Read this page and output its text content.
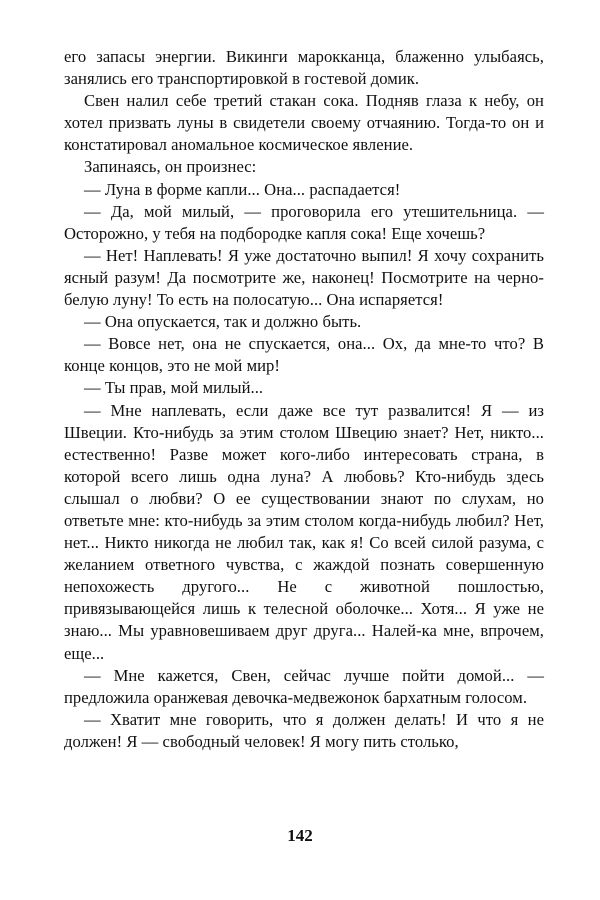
его запасы энергии. Викинги марокканца, блаженно улыбаясь, занялись его транспортировкой в гостевой домик.

Свен налил себе третий стакан сока. Подняв глаза к небу, он хотел призвать луны в свидетели своему отчаянию. Тогда-то он и констатировал аномальное космическое явление.

Запинаясь, он произнес:

— Луна в форме капли... Она... распадается!

— Да, мой милый, — проговорила его утешительница. — Осторожно, у тебя на подбородке капля сока! Еще хочешь?

— Нет! Наплевать! Я уже достаточно выпил! Я хочу сохранить ясный разум! Да посмотрите же, наконец! Посмотрите на черно-белую луну! То есть на полосатую... Она испаряется!

— Она опускается, так и должно быть.

— Вовсе нет, она не спускается, она... Ох, да мне-то что? В конце концов, это не мой мир!

— Ты прав, мой милый...

— Мне наплевать, если даже все тут развалится! Я — из Швеции. Кто-нибудь за этим столом Швецию знает? Нет, никто... естественно! Разве может кого-либо интересовать страна, в которой всего лишь одна луна? А любовь? Кто-нибудь здесь слышал о любви? О ее существовании знают по слухам, но ответьте мне: кто-нибудь за этим столом когда-нибудь любил? Нет, нет... Никто никогда не любил так, как я! Со всей силой разума, с желанием ответного чувства, с жаждой познать совершенную непохожесть другого... Не с животной пошлостью, привязывающейся лишь к телесной оболочке... Хотя... Я уже не знаю... Мы уравновешиваем друг друга... Налей-ка мне, впрочем, еще...

— Мне кажется, Свен, сейчас лучше пойти домой... — предложила оранжевая девочка-медвежонок бархатным голосом.

— Хватит мне говорить, что я должен делать! И что я не должен! Я — свободный человек! Я могу пить столько,

142
